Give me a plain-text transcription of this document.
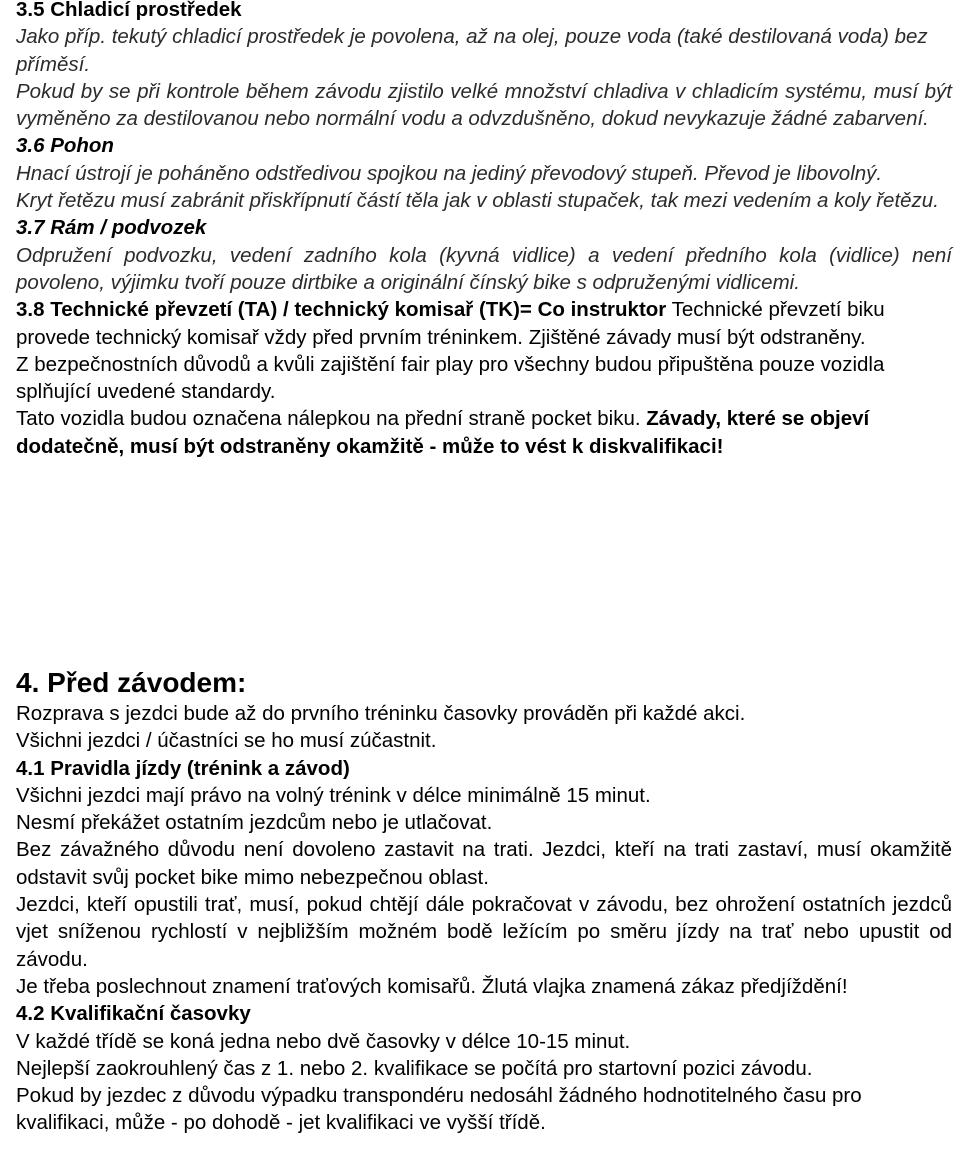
3.5 Chladicí prostředek

Jako příp. tekutý chladicí prostředek je povolena, až na olej, pouze voda (také destilovaná voda) bez příměsí.

Pokud by se při kontrole během závodu zjistilo velké množství chladiva v chladicím systému, musí být vyměněno za destilovanou nebo normální vodu a odvzdušněno, dokud nevykazuje žádné zabarvení.

3.6 Pohon

Hnací ústrojí je poháněno odstředivou spojkou na jediný převodový stupeň. Převod je libovolný.

Kryt řetězu musí zabránit přiskřípnutí částí těla jak v oblasti stupaček, tak mezi vedením a koly řetězu.

3.7 Rám / podvozek

Odpružení podvozku, vedení zadního kola (kyvná vidlice) a vedení předního kola (vidlice) není povoleno, výjimku tvoří pouze dirtbike a originální čínský bike s odpruženými vidlicemi.

3.8 Technické převzetí (TA) / technický komisař (TK)= Co instruktor Technické převzetí biku provede technický komisař vždy před prvním tréninkem. Zjištěné závady musí být odstraněny.

Z bezpečnostních důvodů a kvůli zajištění fair play pro všechny budou připuštěna pouze vozidla splňující uvedené standardy.

Tato vozidla budou označena nálepkou na přední straně pocket biku. Závady, které se objeví dodatečně, musí být odstraněny okamžitě - může to vést k diskvalifikaci!

4. Před závodem:

Rozprava s jezdci bude až do prvního tréninku časovky prováděn při každé akci.

Všichni jezdci / účastníci se ho musí zúčastnit.

4.1 Pravidla jízdy (trénink a závod)

Všichni jezdci mají právo na volný trénink v délce minimálně 15 minut.

Nesmí překážet ostatním jezdcům nebo je utlačovat.

Bez závažného důvodu není dovoleno zastavit na trati. Jezdci, kteří na trati zastaví, musí okamžitě odstavit svůj pocket bike mimo nebezpečnou oblast.

Jezdci, kteří opustili trať, musí, pokud chtějí dále pokračovat v závodu, bez ohrožení ostatních jezdců vjet sníženou rychlostí v nejbližším možném bodě ležícím po směru jízdy na trať nebo upustit od závodu.

Je třeba poslechnout znamení traťových komisařů. Žlutá vlajka znamená zákaz předjíždění!

4.2 Kvalifikační časovky

V každé třídě se koná jedna nebo dvě časovky v délce 10-15 minut.

Nejlepší zaokrouhlený čas z 1. nebo 2. kvalifikace se počítá pro startovní pozici závodu.

Pokud by jezdec z důvodu výpadku transpondéru nedosáhl žádného hodnotitelného času pro kvalifikaci, může - po dohodě - jet kvalifikaci ve vyšší třídě.
